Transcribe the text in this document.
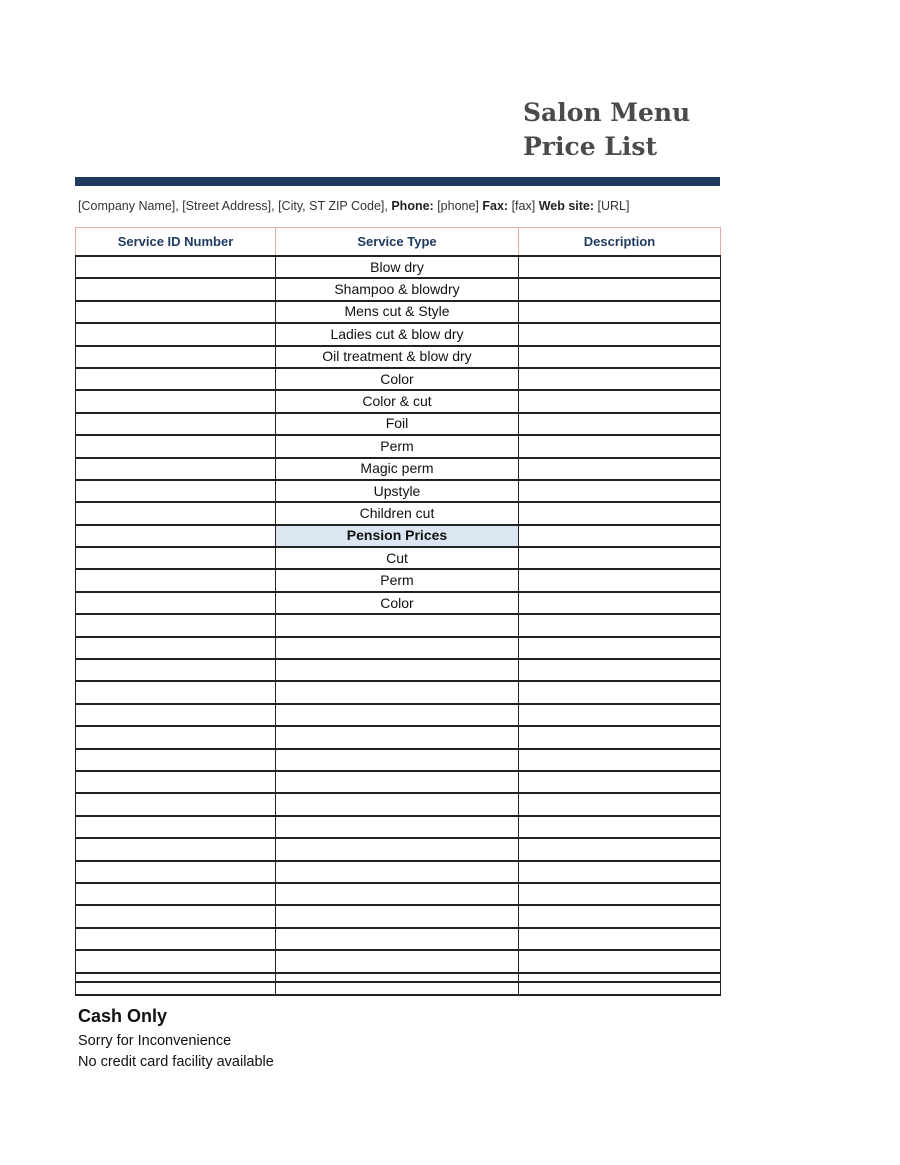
Salon Menu
Price List
[Company Name], [Street Address], [City, ST ZIP Code], Phone: [phone] Fax: [fax] Web site: [URL]
Service ID Number	Service Type	Description
	Blow dry	
	Shampoo & blowdry	
	Mens cut & Style	
	Ladies cut & blow dry	
	Oil treatment & blow dry	
	Color	
	Color & cut	
	Foil	
	Perm	
	Magic perm	
	Upstyle	
	Children cut	
	Pension Prices	
	Cut	
	Perm	
	Color	

Cash Only
Sorry for Inconvenience
No credit card facility available
